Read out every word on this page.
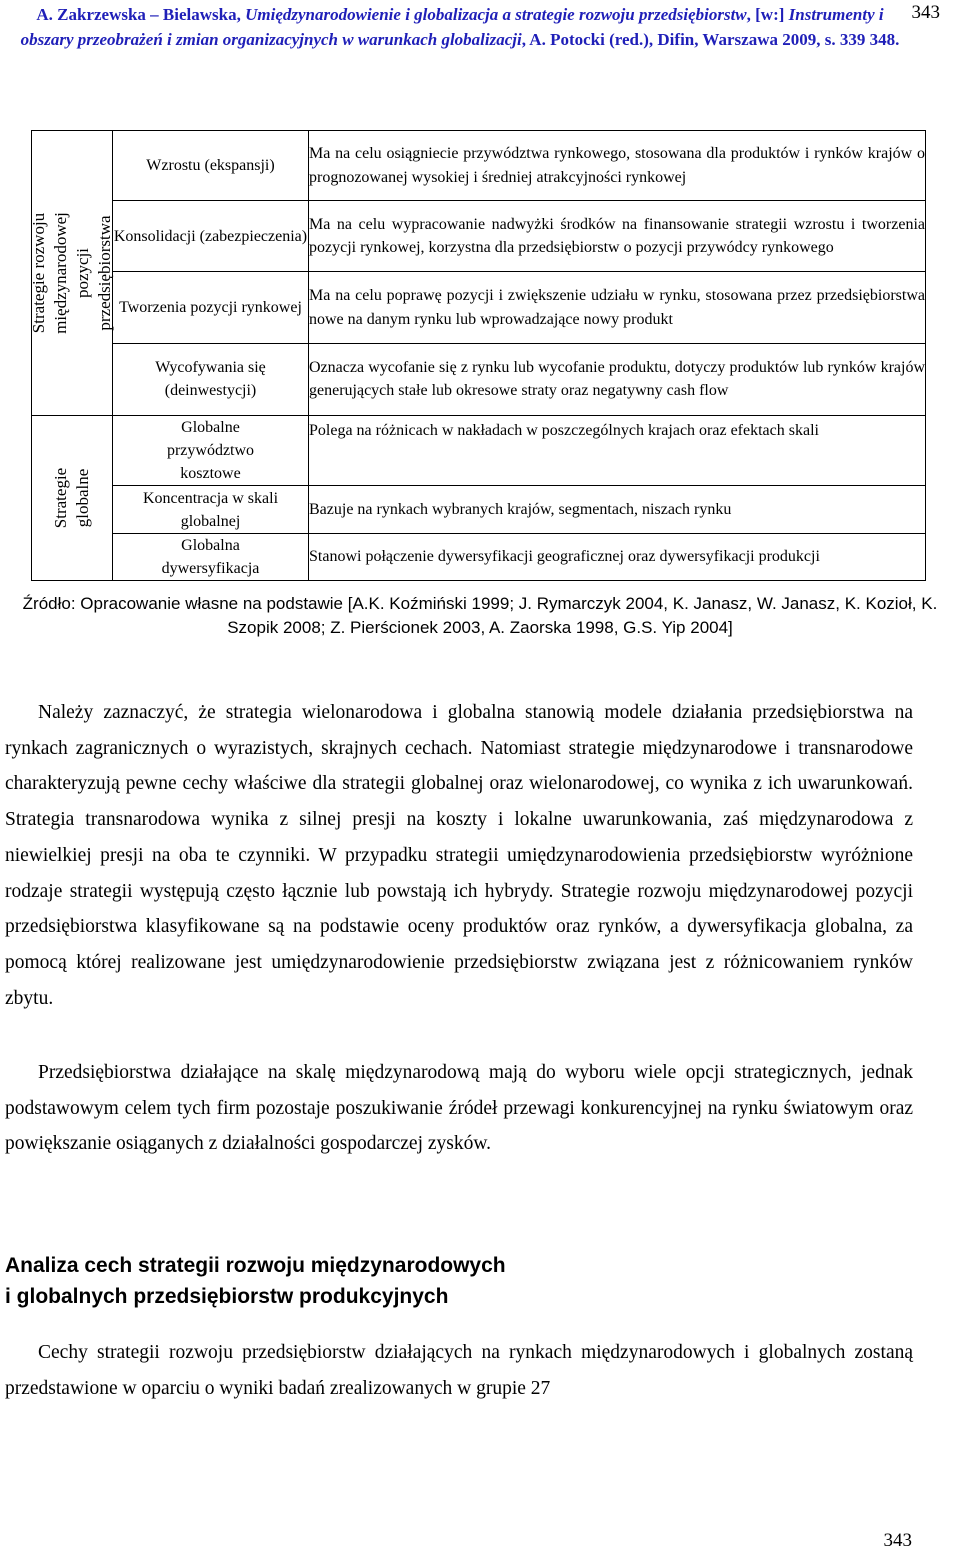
A. Zakrzewska – Bielawska, Umiędzynarodowienie i globalizacja a strategie rozwoju przedsiębiorstw, [w:] Instrumenty i obszary przeobrażeń i zmian organizacyjnych w warunkach globalizacji, A. Potocki (red.), Difin, Warszawa 2009, s. 339 348.
343
Strategie rozwoju
międzynarodowej pozycji
przedsiębiorstwa	Wzrostu (ekspansji)	Ma na celu osiągniecie przywództwa rynkowego, stosowana dla produktów i rynków krajów o prognozowanej wysokiej i średniej atrakcyjności rynkowej
	Konsolidacji (zabezpieczenia)	Ma na celu wypracowanie nadwyżki środków na finansowanie strategii wzrostu i tworzenia pozycji rynkowej, korzystna dla przedsiębiorstw o pozycji przywódcy rynkowego
	Tworzenia pozycji rynkowej	Ma na celu poprawę pozycji i zwiększenie udziału w rynku, stosowana przez przedsiębiorstwa nowe na danym rynku lub wprowadzające nowy produkt
	Wycofywania się (deinwestycji)	Oznacza wycofanie się z rynku lub wycofanie produktu, dotyczy produktów lub rynków krajów generujących stałe lub okresowe straty oraz negatywny cash flow

Strategie
globalne	Globalne przywództwo kosztowe	Polega na różnicach w nakładach w poszczególnych krajach oraz efektach skali
	Koncentracja w skali globalnej	Bazuje na rynkach wybranych krajów, segmentach, niszach rynku
	Globalna dywersyfikacja	Stanowi połączenie dywersyfikacji geograficznej oraz dywersyfikacji produkcji
Źródło: Opracowanie własne na podstawie [A.K. Koźmiński 1999; J. Rymarczyk 2004, K. Janasz, W. Janasz, K. Kozioł, K. Szopik 2008; Z. Pierścionek 2003, A. Zaorska 1998, G.S. Yip 2004]

Należy zaznaczyć, że strategia wielonarodowa i globalna stanowią modele działania przedsiębiorstwa na rynkach zagranicznych o wyrazistych, skrajnych cechach. Natomiast strategie międzynarodowe i transnarodowe charakteryzują pewne cechy właściwe dla strategii globalnej oraz wielonarodowej, co wynika z ich uwarunkowań. Strategia transnarodowa wynika z silnej presji na koszty i lokalne uwarunkowania, zaś międzynarodowa z niewielkiej presji na oba te czynniki. W przypadku strategii umiędzynarodowienia przedsiębiorstw wyróżnione rodzaje strategii występują często łącznie lub powstają ich hybrydy. Strategie rozwoju międzynarodowej pozycji przedsiębiorstwa klasyfikowane są na podstawie oceny produktów oraz rynków, a dywersyfikacja globalna, za pomocą której realizowane jest umiędzynarodowienie przedsiębiorstw związana jest z różnicowaniem rynków zbytu.

Przedsiębiorstwa działające na skalę międzynarodową mają do wyboru wiele opcji strategicznych, jednak podstawowym celem tych firm pozostaje poszukiwanie źródeł przewagi konkurencyjnej na rynku światowym oraz powiększanie osiąganych z działalności gospodarczej zysków.

Analiza cech strategii rozwoju międzynarodowych
i globalnych przedsiębiorstw produkcyjnych

Cechy strategii rozwoju przedsiębiorstw działających na rynkach międzynarodowych i globalnych zostaną przedstawione w oparciu o wyniki badań zrealizowanych w grupie 27

343
